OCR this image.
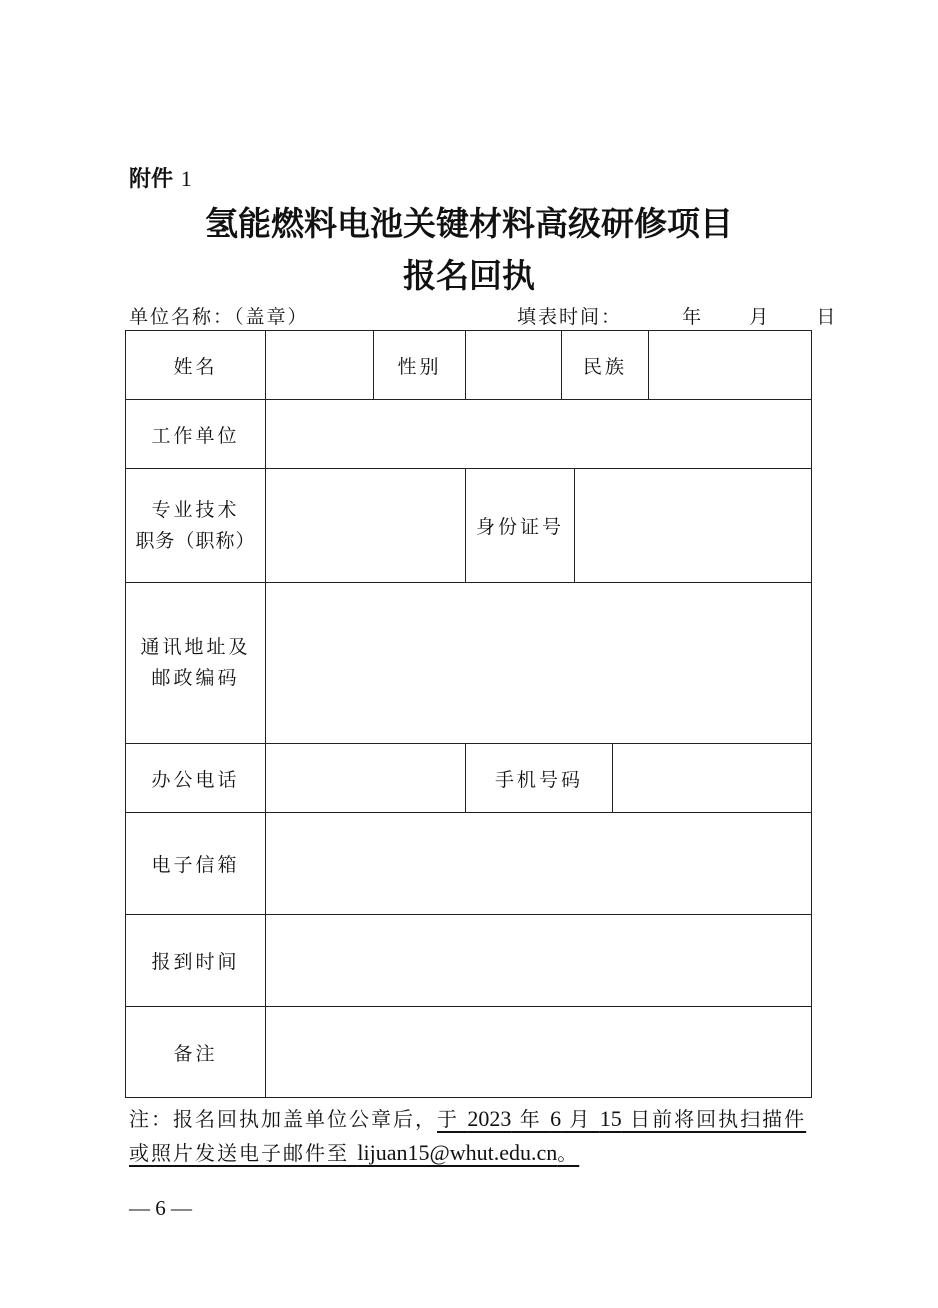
附件 1
氢能燃料电池关键材料高级研修项目
报名回执
单位名称：（盖章）	填表时间：	年 月 日
姓名		性别		民族			
工作单位							

专业技术
职务（职称）			身份证号				

通讯地址及
邮政编码							

办公电话			手机号码				
电子信箱							
报到时间							
备注							
注：报名回执加盖单位公章后，于 2023 年 6 月 15 日前将回执扫描件或照片发送电子邮件至 lijuan15@whut.edu.cn。
— 6 —
